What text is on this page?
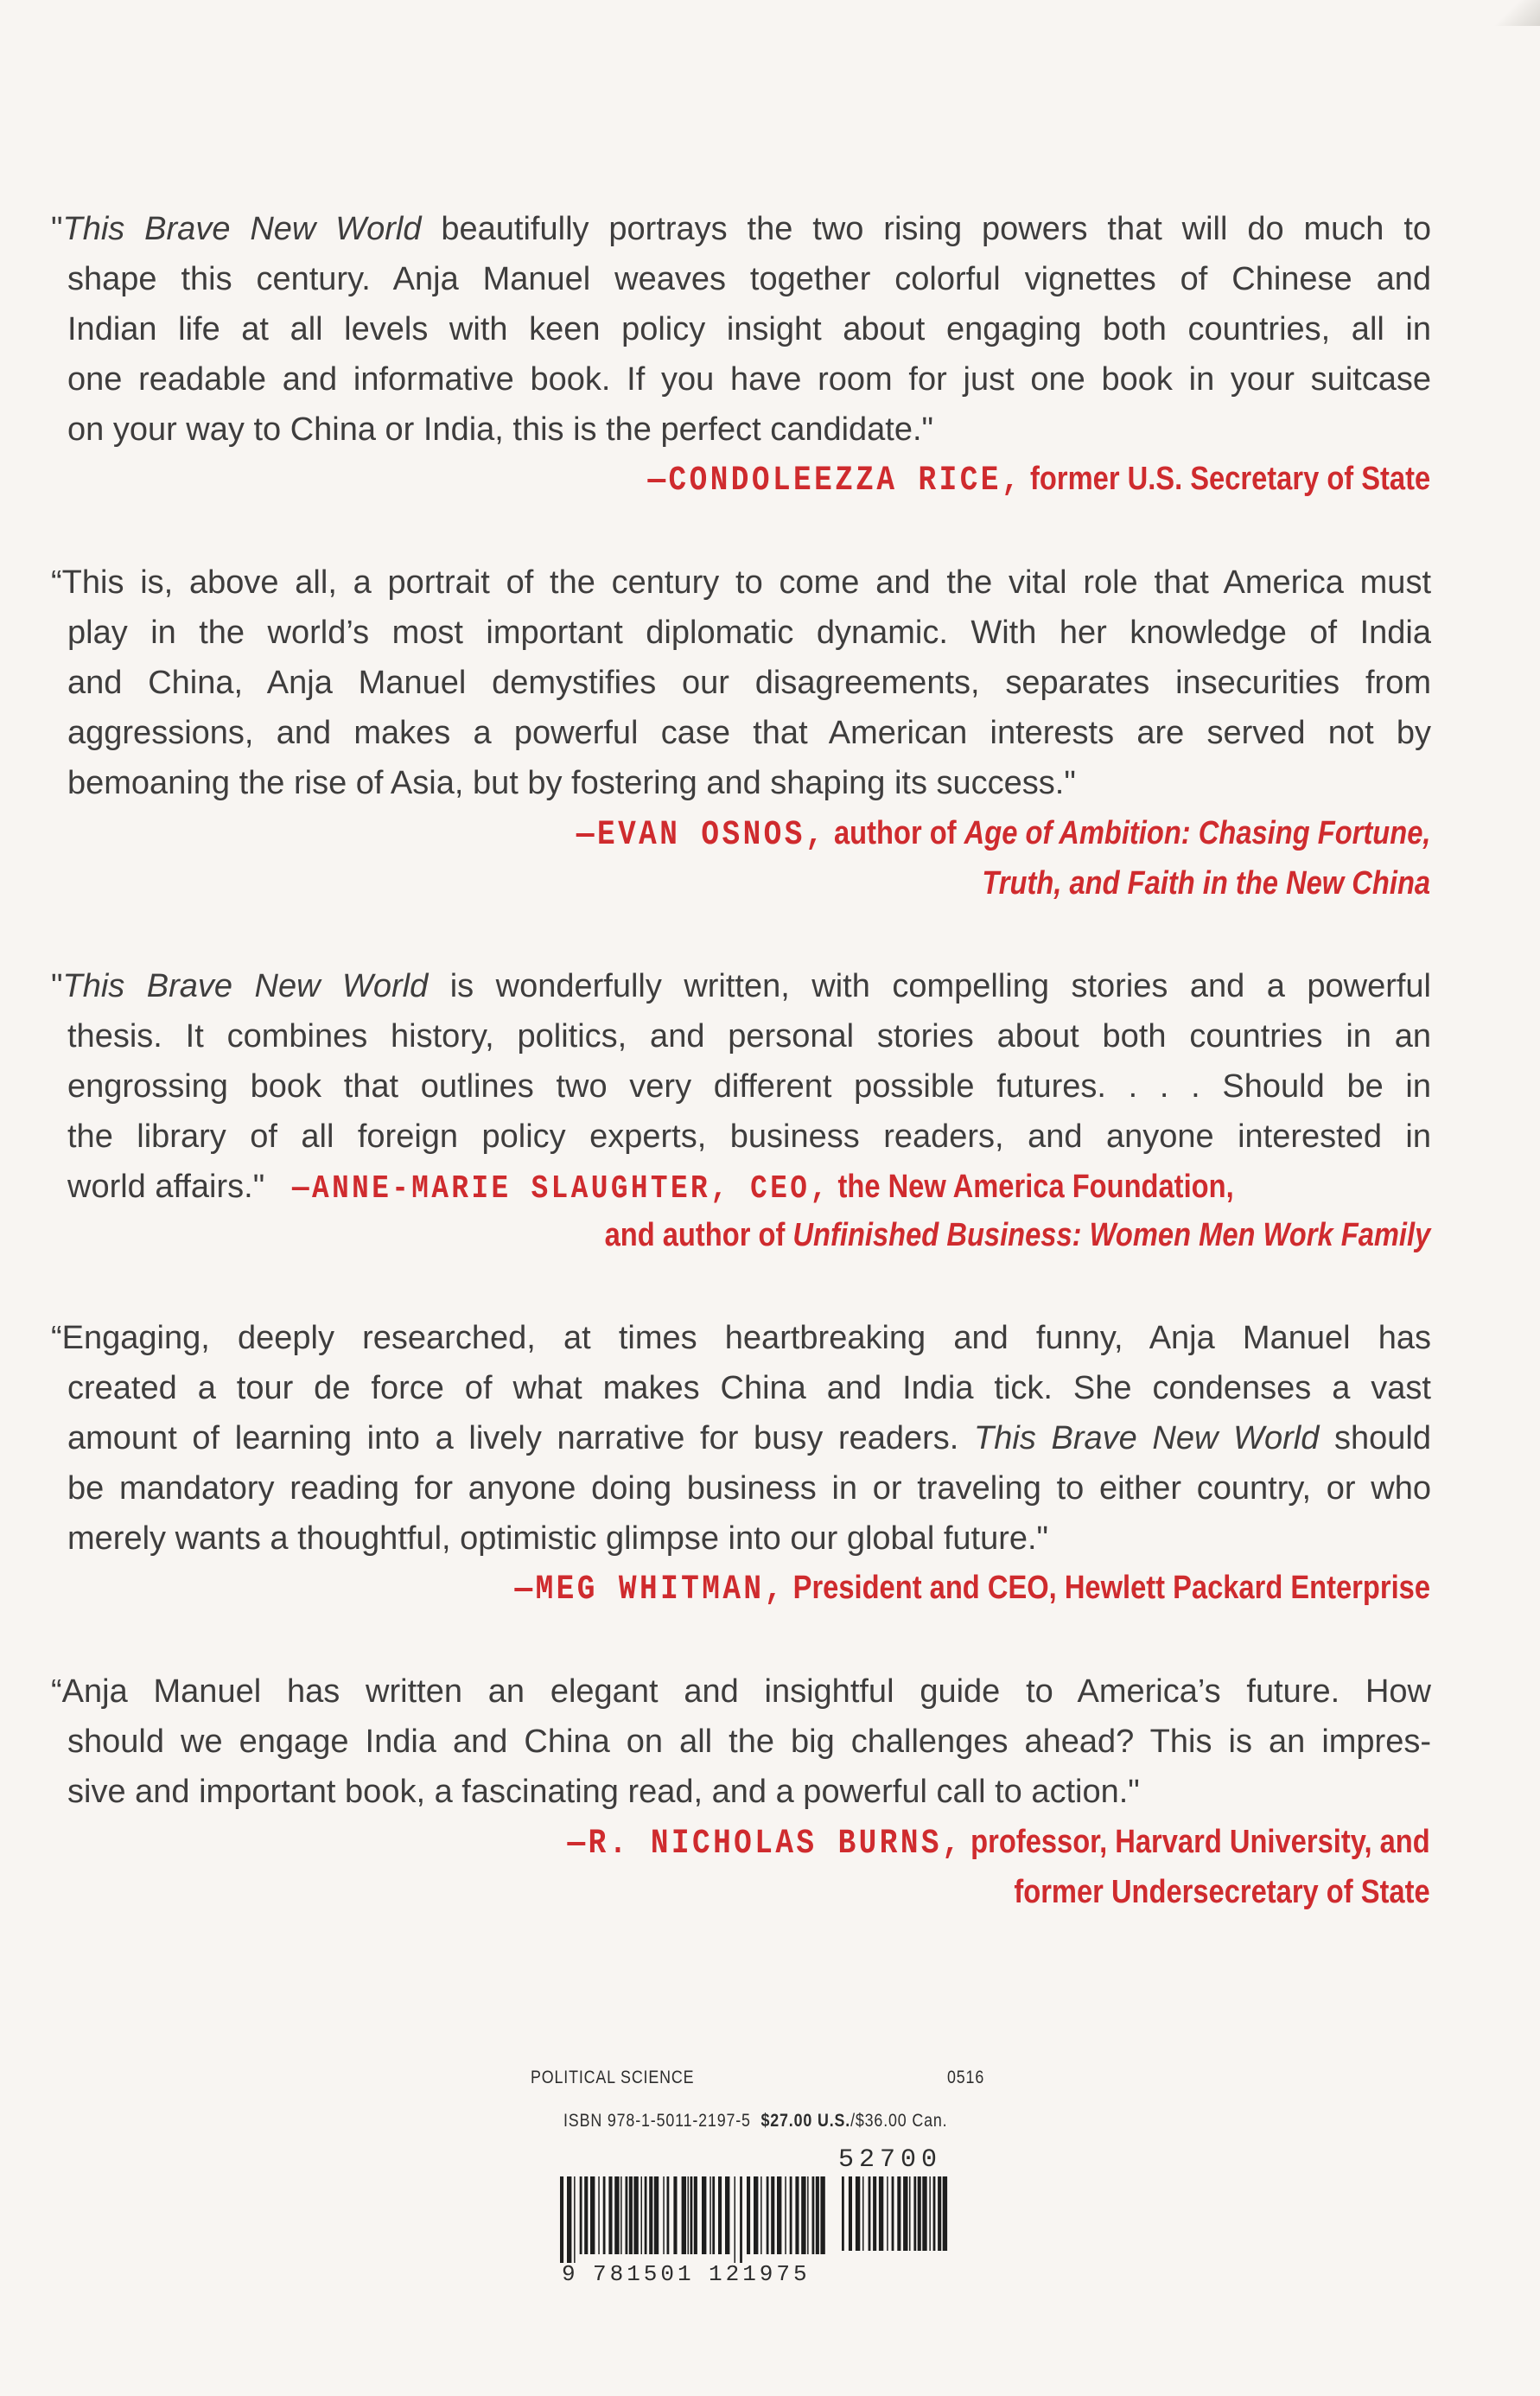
"This Brave New World beautifully portrays the two rising powers that will do much to
shape this century. Anja Manuel weaves together colorful vignettes of Chinese and
Indian life at all levels with keen policy insight about engaging both countries, all in
one readable and informative book. If you have room for just one book in your suitcase
on your way to China or India, this is the perfect candidate."

—CONDOLEEZZA RICE, former U.S. Secretary of State

“This is, above all, a portrait of the century to come and the vital role that America must
play in the world’s most important diplomatic dynamic. With her knowledge of India
and China, Anja Manuel demystifies our disagreements, separates insecurities from
aggressions, and makes a powerful case that American interests are served not by
bemoaning the rise of Asia, but by fostering and shaping its success."

—EVAN OSNOS, author of Age of Ambition: Chasing Fortune,

Truth, and Faith in the New China

"This Brave New World is wonderfully written, with compelling stories and a powerful
thesis. It combines history, politics, and personal stories about both countries in an
engrossing book that outlines two very different possible futures. . . . Should be in
the library of all foreign policy experts, business readers, and anyone interested in
world affairs." —ANNE-MARIE SLAUGHTER, CEO, the New America Foundation,

and author of Unfinished Business: Women Men Work Family

“Engaging, deeply researched, at times heartbreaking and funny, Anja Manuel has
created a tour de force of what makes China and India tick. She condenses a vast
amount of learning into a lively narrative for busy readers. This Brave New World should
be mandatory reading for anyone doing business in or traveling to either country, or who
merely wants a thoughtful, optimistic glimpse into our global future."

—MEG WHITMAN, President and CEO, Hewlett Packard Enterprise

“Anja Manuel has written an elegant and insightful guide to America’s future. How
should we engage India and China on all the big challenges ahead? This is an impres-
sive and important book, a fascinating read, and a powerful call to action."

—R. NICHOLAS BURNS, professor, Harvard University, and

former Undersecretary of State

POLITICAL SCIENCE	0516
ISBN 978-1-5011-2197-5 $27.00 U.S./$36.00 Can.
52700
9 781501 121975
